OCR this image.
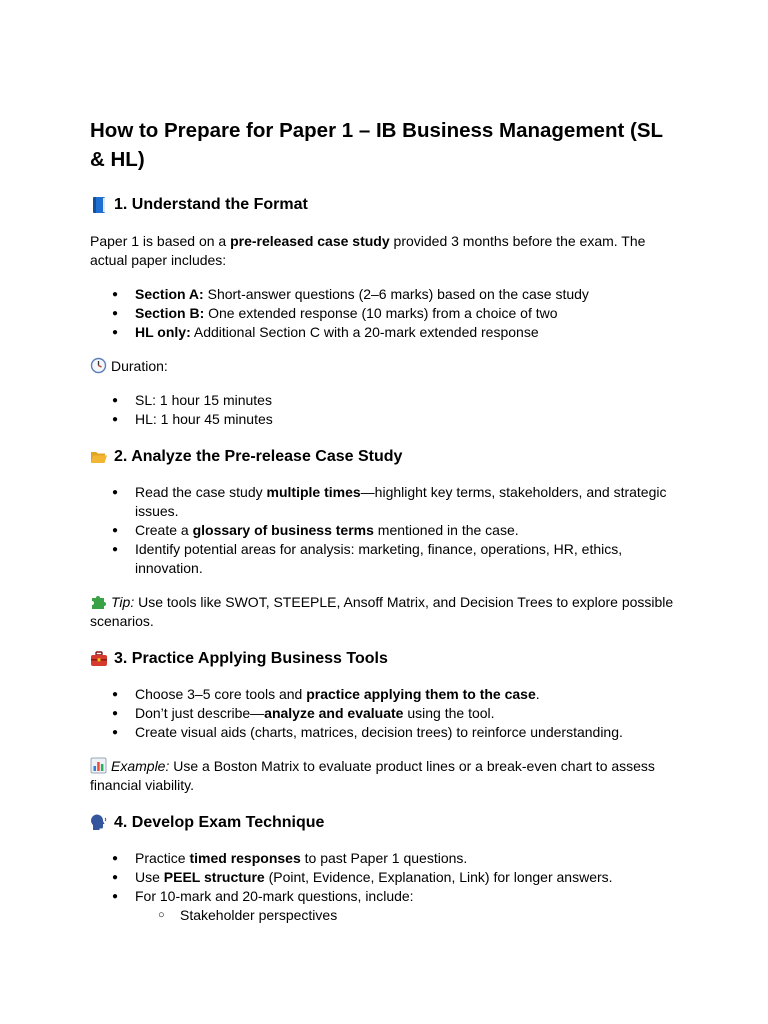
How to Prepare for Paper 1 – IB Business Management (SL & HL)
1. Understand the Format

Paper 1 is based on a pre-released case study provided 3 months before the exam. The actual paper includes:

● Section A: Short-answer questions (2–6 marks) based on the case study
● Section B: One extended response (10 marks) from a choice of two
● HL only: Additional Section C with a 20-mark extended response

Duration:

● SL: 1 hour 15 minutes
● HL: 1 hour 45 minutes
2. Analyze the Pre-release Case Study
● Read the case study multiple times—highlight key terms, stakeholders, and strategic issues.
● Create a glossary of business terms mentioned in the case.
● Identify potential areas for analysis: marketing, finance, operations, HR, ethics, innovation.

Tip: Use tools like SWOT, STEEPLE, Ansoff Matrix, and Decision Trees to explore possible scenarios.

3. Practice Applying Business Tools
● Choose 3–5 core tools and practice applying them to the case.
● Don’t just describe—analyze and evaluate using the tool.
● Create visual aids (charts, matrices, decision trees) to reinforce understanding.

Example: Use a Boston Matrix to evaluate product lines or a break-even chart to assess financial viability.

4. Develop Exam Technique
● Practice timed responses to past Paper 1 questions.
● Use PEEL structure (Point, Evidence, Explanation, Link) for longer answers.
● For 10-mark and 20-mark questions, include:
○ Stakeholder perspectives
